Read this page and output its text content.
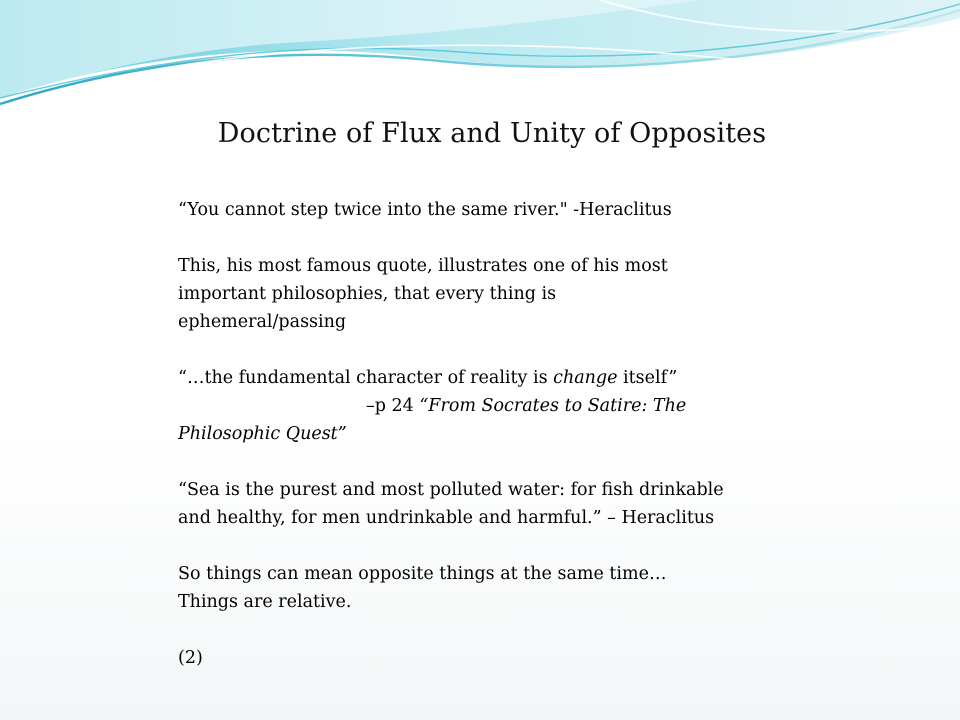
Doctrine of Flux and Unity of Opposites

“You cannot step twice into the same river." -Heraclitus

This, his most famous quote, illustrates one of his most

important philosophies, that every thing is

ephemeral/passing

“…the fundamental character of reality is change itself”

–p 24 “From Socrates to Satire: The

Philosophic Quest”

“Sea is the purest and most polluted water: for fish drinkable

and healthy, for men undrinkable and harmful.” – Heraclitus

So things can mean opposite things at the same time…

Things are relative.

(2)
